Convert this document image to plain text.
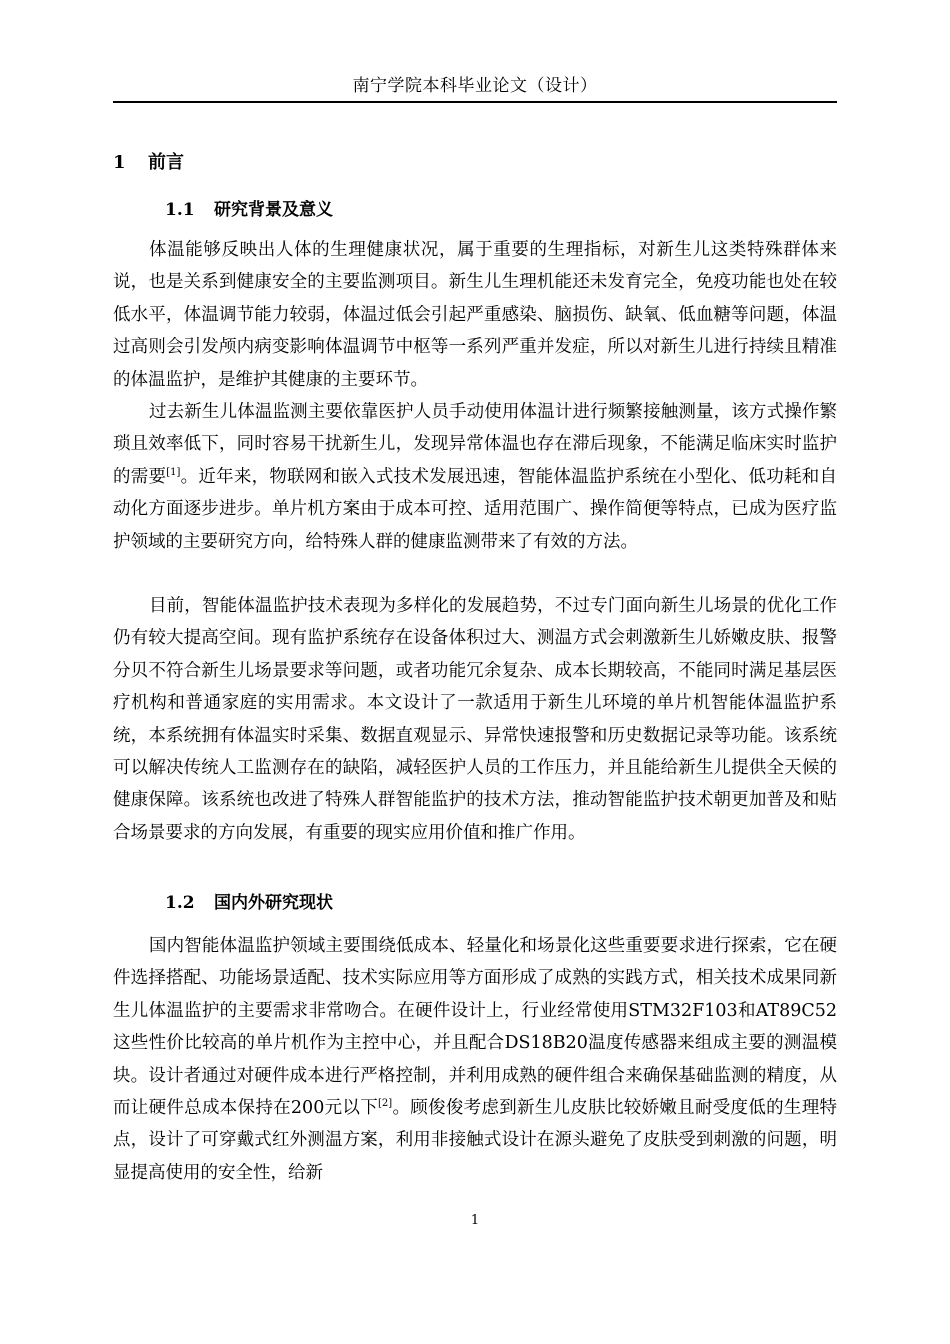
南宁学院本科毕业论文（设计）
1 前言
1.1 研究背景及意义

体温能够反映出人体的生理健康状况，属于重要的生理指标，对新生儿这类特殊群体来说，也是关系到健康安全的主要监测项目。新生儿生理机能还未发育完全，免疫功能也处在较低水平，体温调节能力较弱，体温过低会引起严重感染、脑损伤、缺氧、低血糖等问题，体温过高则会引发颅内病变影响体温调节中枢等一系列严重并发症，所以对新生儿进行持续且精准的体温监护，是维护其健康的主要环节。

过去新生儿体温监测主要依靠医护人员手动使用体温计进行频繁接触测量，该方式操作繁琐且效率低下，同时容易干扰新生儿，发现异常体温也存在滞后现象，不能满足临床实时监护的需要[1]。近年来，物联网和嵌入式技术发展迅速，智能体温监护系统在小型化、低功耗和自动化方面逐步进步。单片机方案由于成本可控、适用范围广、操作简便等特点，已成为医疗监护领域的主要研究方向，给特殊人群的健康监测带来了有效的方法。

目前，智能体温监护技术表现为多样化的发展趋势，不过专门面向新生儿场景的优化工作仍有较大提高空间。现有监护系统存在设备体积过大、测温方式会刺激新生儿娇嫩皮肤、报警分贝不符合新生儿场景要求等问题，或者功能冗余复杂、成本长期较高，不能同时满足基层医疗机构和普通家庭的实用需求。本文设计了一款适用于新生儿环境的单片机智能体温监护系统，本系统拥有体温实时采集、数据直观显示、异常快速报警和历史数据记录等功能。该系统可以解决传统人工监测存在的缺陷，减轻医护人员的工作压力，并且能给新生儿提供全天候的健康保障。该系统也改进了特殊人群智能监护的技术方法，推动智能监护技术朝更加普及和贴合场景要求的方向发展，有重要的现实应用价值和推广作用。

1.2 国内外研究现状

国内智能体温监护领域主要围绕低成本、轻量化和场景化这些重要要求进行探索，它在硬件选择搭配、功能场景适配、技术实际应用等方面形成了成熟的实践方式，相关技术成果同新生儿体温监护的主要需求非常吻合。在硬件设计上，行业经常使用STM32F103和AT89C52这些性价比较高的单片机作为主控中心，并且配合DS18B20温度传感器来组成主要的测温模块。设计者通过对硬件成本进行严格控制，并利用成熟的硬件组合来确保基础监测的精度，从而让硬件总成本保持在200元以下[2]。顾俊俊考虑到新生儿皮肤比较娇嫩且耐受度低的生理特点，设计了可穿戴式红外测温方案，利用非接触式设计在源头避免了皮肤受到刺激的问题，明显提高使用的安全性，给新

1
